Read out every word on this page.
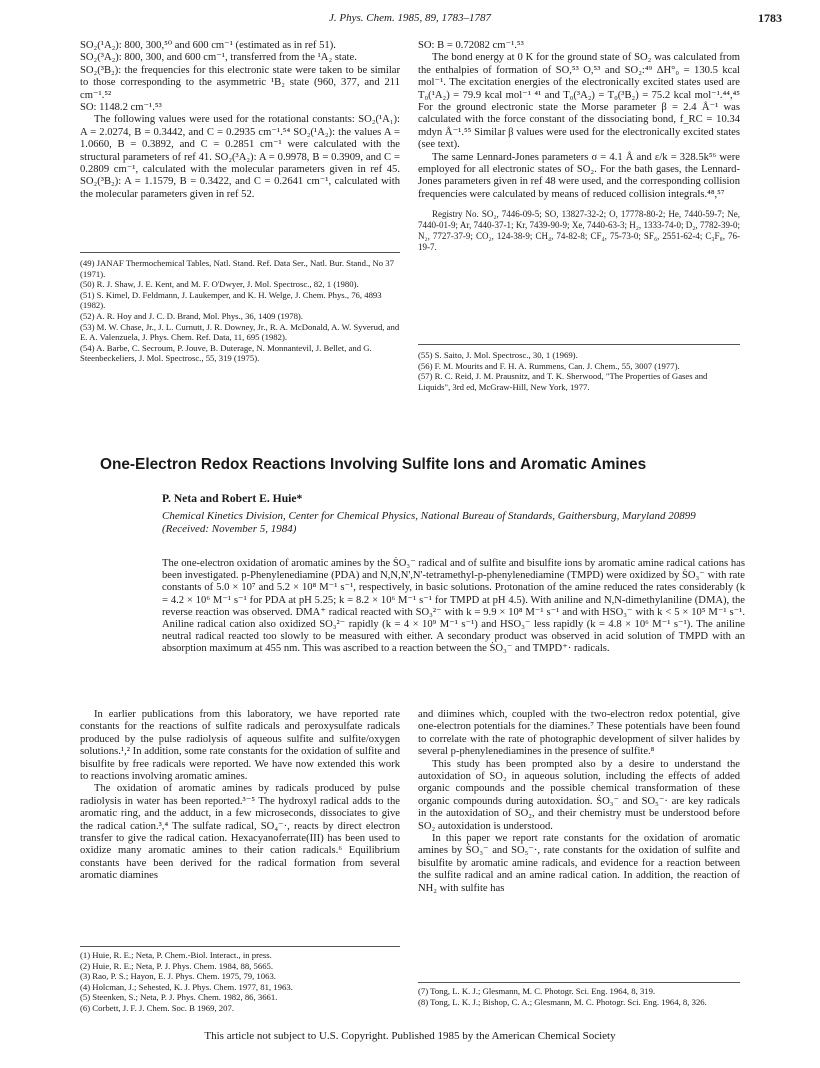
J. Phys. Chem. 1985, 89, 1783–1787	1783

SO₂(¹A₂): 800, 300,⁵⁰ and 600 cm⁻¹ (estimated as in ref 51).

SO₂(³A₂): 800, 300, and 600 cm⁻¹, transferred from the ¹A₂ state.

SO₂(³B₂): the frequencies for this electronic state were taken to be similar to those corresponding to the asymmetric ¹B₂ state (960, 377, and 211 cm⁻¹.⁵²

SO: 1148.2 cm⁻¹.⁵³

The following values were used for the rotational constants: SO₂(¹A₁): A = 2.0274, B = 0.3442, and C = 0.2935 cm⁻¹.⁵⁴ SO₂(¹A₂): the values A = 1.0660, B = 0.3892, and C = 0.2851 cm⁻¹ were calculated with the structural parameters of ref 41. SO₂(³A₂): A = 0.9978, B = 0.3909, and C = 0.2809 cm⁻¹, calculated with the molecular parameters given in ref 45. SO₂(³B₂): A = 1.1579, B = 0.3422, and C = 0.2641 cm⁻¹, calculated with the molecular parameters given in ref 52.

(49) JANAF Thermochemical Tables, Natl. Stand. Ref. Data Ser., Natl. Bur. Stand., No 37 (1971).
(50) R. J. Shaw, J. E. Kent, and M. F. O'Dwyer, J. Mol. Spectrosc., 82, 1 (1980).
(51) S. Kimel, D. Feldmann, J. Laukemper, and K. H. Welge, J. Chem. Phys., 76, 4893 (1982).
(52) A. R. Hoy and J. C. D. Brand, Mol. Phys., 36, 1409 (1978).
(53) M. W. Chase, Jr., J. L. Curnutt, J. R. Downey, Jr., R. A. McDonald, A. W. Syverud, and E. A. Valenzuela, J. Phys. Chem. Ref. Data, 11, 695 (1982).
(54) A. Barbe, C. Secroum, P. Jouve, B. Duterage, N. Monnantevil, J. Bellet, and G. Steenbeckeliers, J. Mol. Spectrosc., 55, 319 (1975).

SO: B = 0.72082 cm⁻¹.⁵³

The bond energy at 0 K for the ground state of SO₂ was calculated from the enthalpies of formation of SO,⁵³ O,⁵³ and SO₂:⁴⁹ ΔH°₀ = 130.5 kcal mol⁻¹. The excitation energies of the electronically excited states used are T₀(¹A₂) = 79.9 kcal mol⁻¹ ⁴¹ and T₀(³A₂) = T₀(³B₂) = 75.2 kcal mol⁻¹.⁴⁴,⁴⁵ For the ground electronic state the Morse parameter β = 2.4 Å⁻¹ was calculated with the force constant of the dissociating bond, f_RC = 10.34 mdyn Å⁻¹.⁵⁵ Similar β values were used for the electronically excited states (see text).

The same Lennard-Jones parameters σ = 4.1 Å and ε/k = 328.5k⁵⁶ were employed for all electronic states of SO₂. For the bath gases, the Lennard-Jones parameters given in ref 48 were used, and the corresponding collision frequencies were calculated by means of reduced collision integrals.⁴⁸,⁵⁷

Registry No. SO₂, 7446-09-5; SO, 13827-32-2; O, 17778-80-2; He, 7440-59-7; Ne, 7440-01-9; Ar, 7440-37-1; Kr, 7439-90-9; Xe, 7440-63-3; H₂, 1333-74-0; D₂, 7782-39-0; N₂, 7727-37-9; CO₂, 124-38-9; CH₄, 74-82-8; CF₄, 75-73-0; SF₆, 2551-62-4; C₃F₈, 76-19-7.

(55) S. Saito, J. Mol. Spectrosc., 30, 1 (1969).
(56) F. M. Mourits and F. H. A. Rummens, Can. J. Chem., 55, 3007 (1977).
(57) R. C. Reid, J. M. Prausnitz, and T. K. Sherwood, "The Properties of Gases and Liquids", 3rd ed, McGraw-Hill, New York, 1977.
One-Electron Redox Reactions Involving Sulfite Ions and Aromatic Amines
P. Neta and Robert E. Huie*
Chemical Kinetics Division, Center for Chemical Physics, National Bureau of Standards, Gaithersburg, Maryland 20899 (Received: November 5, 1984)
The one-electron oxidation of aromatic amines by the ṠO₃⁻ radical and of sulfite and bisulfite ions by aromatic amine radical cations has been investigated. p-Phenylenediamine (PDA) and N,N,N',N'-tetramethyl-p-phenylenediamine (TMPD) were oxidized by ṠO₃⁻ with rate constants of 5.0 × 10⁷ and 5.2 × 10⁸ M⁻¹ s⁻¹, respectively, in basic solutions. Protonation of the amine reduced the rates considerably (k = 4.2 × 10⁶ M⁻¹ s⁻¹ for PDA at pH 5.25; k = 8.2 × 10⁶ M⁻¹ s⁻¹ for TMPD at pH 4.5). With aniline and N,N-dimethylaniline (DMA), the reverse reaction was observed. DMA⁺ radical reacted with SO₃²⁻ with k = 9.9 × 10⁸ M⁻¹ s⁻¹ and with HSO₃⁻ with k < 5 × 10⁵ M⁻¹ s⁻¹. Aniline radical cation also oxidized SO₃²⁻ rapidly (k = 4 × 10⁹ M⁻¹ s⁻¹) and HSO₃⁻ less rapidly (k = 4.8 × 10⁶ M⁻¹ s⁻¹). The aniline neutral radical reacted too slowly to be measured with either. A secondary product was observed in acid solution of TMPD with an absorption maximum at 455 nm. This was ascribed to a reaction between the ṠO₃⁻ and TMPD⁺· radicals.

In earlier publications from this laboratory, we have reported rate constants for the reactions of sulfite radicals and peroxysulfate radicals produced by the pulse radiolysis of aqueous sulfite and sulfite/oxygen solutions.¹,² In addition, some rate constants for the oxidation of sulfite and bisulfite by free radicals were reported. We have now extended this work to reactions involving aromatic amines.

The oxidation of aromatic amines by radicals produced by pulse radiolysis in water has been reported.³⁻⁵ The hydroxyl radical adds to the aromatic ring, and the adduct, in a few microseconds, dissociates to give the radical cation.³,⁴ The sulfate radical, SO₄⁻·, reacts by direct electron transfer to give the radical cation. Hexacyanoferrate(III) has been used to oxidize many aromatic amines to their cation radicals.⁶ Equilibrium constants have been derived for the radical formation from several aromatic diamines

(1) Huie, R. E.; Neta, P. Chem.-Biol. Interact., in press.
(2) Huie, R. E.; Neta, P. J. Phys. Chem. 1984, 88, 5665.
(3) Rao, P. S.; Hayon, E. J. Phys. Chem. 1975, 79, 1063.
(4) Holcman, J.; Sehested, K. J. Phys. Chem. 1977, 81, 1963.
(5) Steenken, S.; Neta, P. J. Phys. Chem. 1982, 86, 3661.
(6) Corbett, J. F. J. Chem. Soc. B 1969, 207.

and diimines which, coupled with the two-electron redox potential, give one-electron potentials for the diamines.⁷ These potentials have been found to correlate with the rate of photographic development of silver halides by several p-phenylenediamines in the presence of sulfite.⁸

This study has been prompted also by a desire to understand the autoxidation of SO₂ in aqueous solution, including the effects of added organic compounds and the possible chemical transformation of these organic compounds during autoxidation. ṠO₃⁻ and SO₅⁻· are key radicals in the autoxidation of SO₂, and their chemistry must be understood before SO₂ autoxidation is understood.

In this paper we report rate constants for the oxidation of aromatic amines by ṠO₃⁻ and SO₅⁻·, rate constants for the oxidation of sulfite and bisulfite by aromatic amine radicals, and evidence for a reaction between the sulfite radical and an amine radical cation. In addition, the reaction of NH₂ with sulfite has

(7) Tong, L. K. J.; Glesmann, M. C. Photogr. Sci. Eng. 1964, 8, 319.
(8) Tong, L. K. J.; Bishop, C. A.; Glesmann, M. C. Photogr. Sci. Eng. 1964, 8, 326.
This article not subject to U.S. Copyright. Published 1985 by the American Chemical Society
